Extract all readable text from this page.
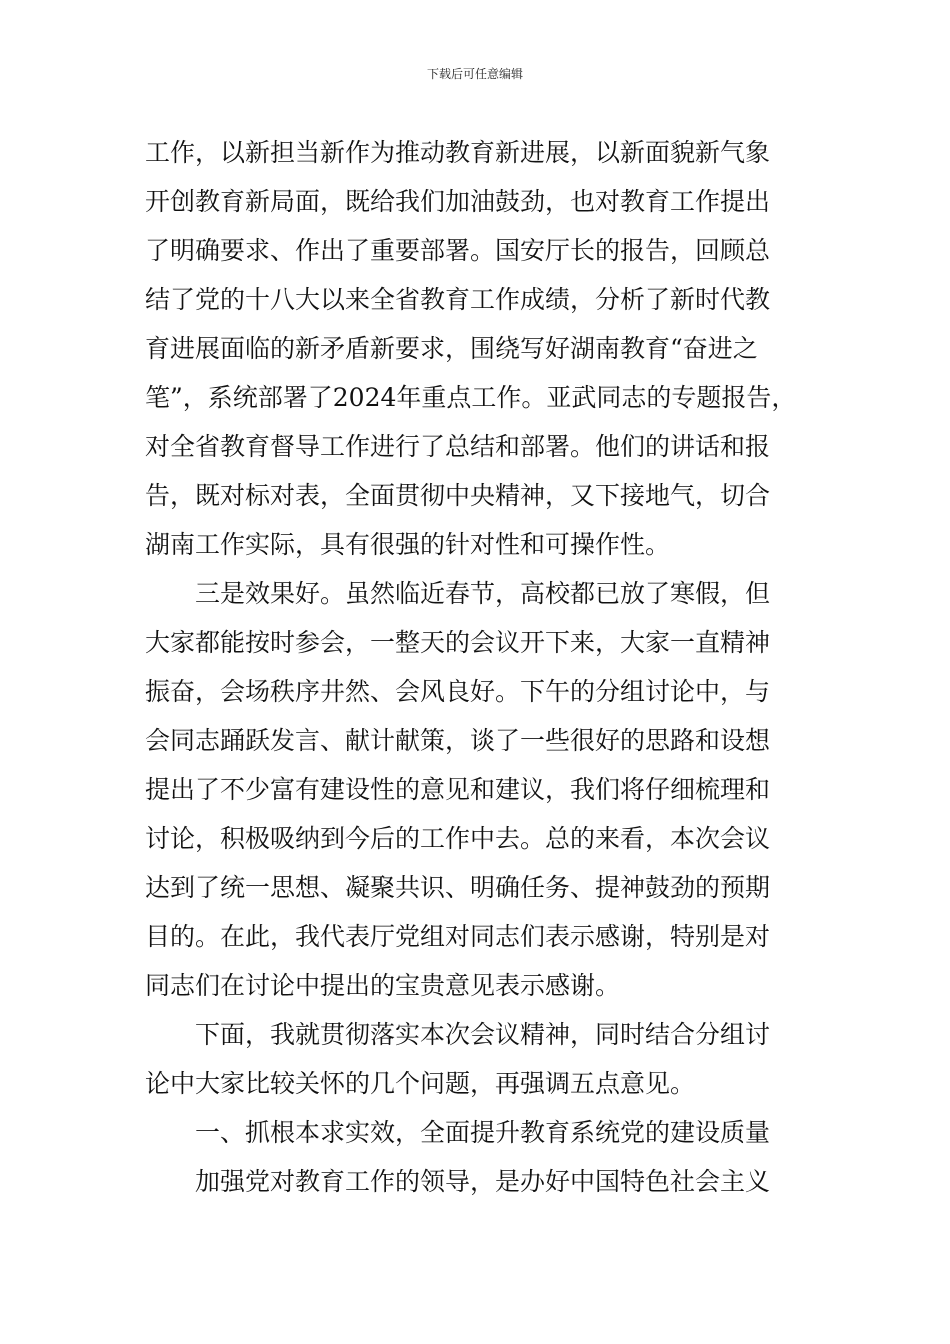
下载后可任意编辑
工作，以新担当新作为推动教育新进展，以新面貌新气象
开创教育新局面，既给我们加油鼓劲，也对教育工作提出
了明确要求、作出了重要部署。国安厅长的报告，回顾总
结了党的十八大以来全省教育工作成绩，分析了新时代教
育进展面临的新矛盾新要求，围绕写好湖南教育“奋进之
笔”，系统部署了2024年重点工作。亚武同志的专题报告，
对全省教育督导工作进行了总结和部署。他们的讲话和报
告，既对标对表，全面贯彻中央精神，又下接地气，切合
湖南工作实际，具有很强的针对性和可操作性。
三是效果好。虽然临近春节，高校都已放了寒假，但
大家都能按时参会，一整天的会议开下来，大家一直精神
振奋，会场秩序井然、会风良好。下午的分组讨论中，与
会同志踊跃发言、献计献策，谈了一些很好的思路和设想
提出了不少富有建设性的意见和建议，我们将仔细梳理和
讨论，积极吸纳到今后的工作中去。总的来看，本次会议
达到了统一思想、凝聚共识、明确任务、提神鼓劲的预期
目的。在此，我代表厅党组对同志们表示感谢，特别是对
同志们在讨论中提出的宝贵意见表示感谢。
下面，我就贯彻落实本次会议精神，同时结合分组讨
论中大家比较关怀的几个问题，再强调五点意见。
一、抓根本求实效，全面提升教育系统党的建设质量
加强党对教育工作的领导，是办好中国特色社会主义
